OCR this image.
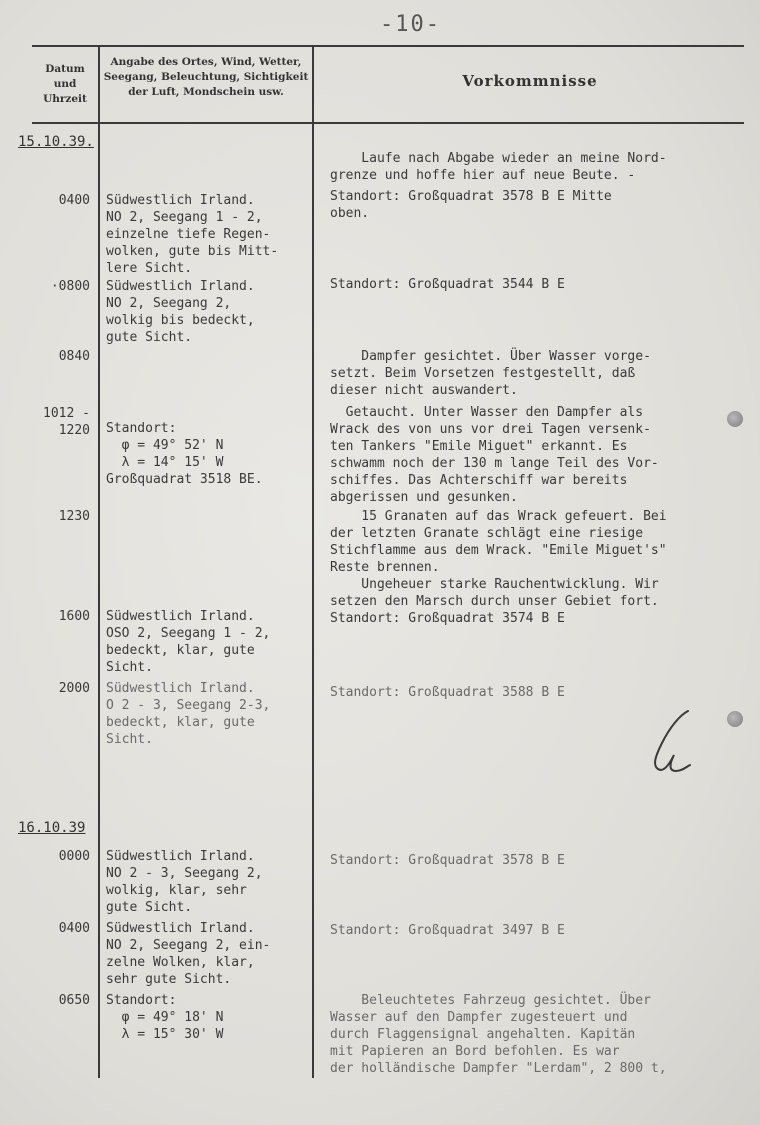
-10-
Datum
und
Uhrzeit
Angabe des Ortes, Wind, Wetter,
Seegang, Beleuchtung, Sichtigkeit
der Luft, Mondschein usw.
Vorkommnisse
15.10.39.
16.10.39
0400
·0800
0840
1012 -
1220
1230
1600
2000
0000
0400
0650
Südwestlich Irland.
NO 2, Seegang 1 - 2,
einzelne tiefe Regen-
wolken, gute bis Mitt-
lere Sicht.
Südwestlich Irland.
NO 2, Seegang 2,
wolkig bis bedeckt,
gute Sicht.
Standort:
φ = 49° 52' N
λ = 14° 15' W
Großquadrat 3518 BE.
Südwestlich Irland.
OSO 2, Seegang 1 - 2,
bedeckt, klar, gute
Sicht.
Südwestlich Irland.
O 2 - 3, Seegang 2-3,
bedeckt, klar, gute
Sicht.
Südwestlich Irland.
NO 2 - 3, Seegang 2,
wolkig, klar, sehr
gute Sicht.
Südwestlich Irland.
NO 2, Seegang 2, ein-
zelne Wolken, klar,
sehr gute Sicht.
Standort:
φ = 49° 18' N
λ = 15° 30' W
Laufe nach Abgabe wieder an meine Nord-
grenze und hoffe hier auf neue Beute. -
Standort: Großquadrat 3578 B E Mitte
oben.
Standort: Großquadrat 3544 B E
Dampfer gesichtet. Über Wasser vorge-
setzt. Beim Vorsetzen festgestellt, daß
dieser nicht auswandert.
Getaucht. Unter Wasser den Dampfer als
Wrack des von uns vor drei Tagen versenk-
ten Tankers "Emile Miguet" erkannt. Es
schwamm noch der 130 m lange Teil des Vor-
schiffes. Das Achterschiff war bereits
abgerissen und gesunken.
15 Granaten auf das Wrack gefeuert. Bei
der letzten Granate schlägt eine riesige
Stichflamme aus dem Wrack. "Emile Miguet's"
Reste brennen.
Ungeheuer starke Rauchentwicklung. Wir
setzen den Marsch durch unser Gebiet fort.
Standort: Großquadrat 3574 B E
Standort: Großquadrat 3588 B E
Standort: Großquadrat 3578 B E
Standort: Großquadrat 3497 B E
Beleuchtetes Fahrzeug gesichtet. Über
Wasser auf den Dampfer zugesteuert und
durch Flaggensignal angehalten. Kapitän
mit Papieren an Bord befohlen. Es war
der holländische Dampfer "Lerdam", 2 800 t,
